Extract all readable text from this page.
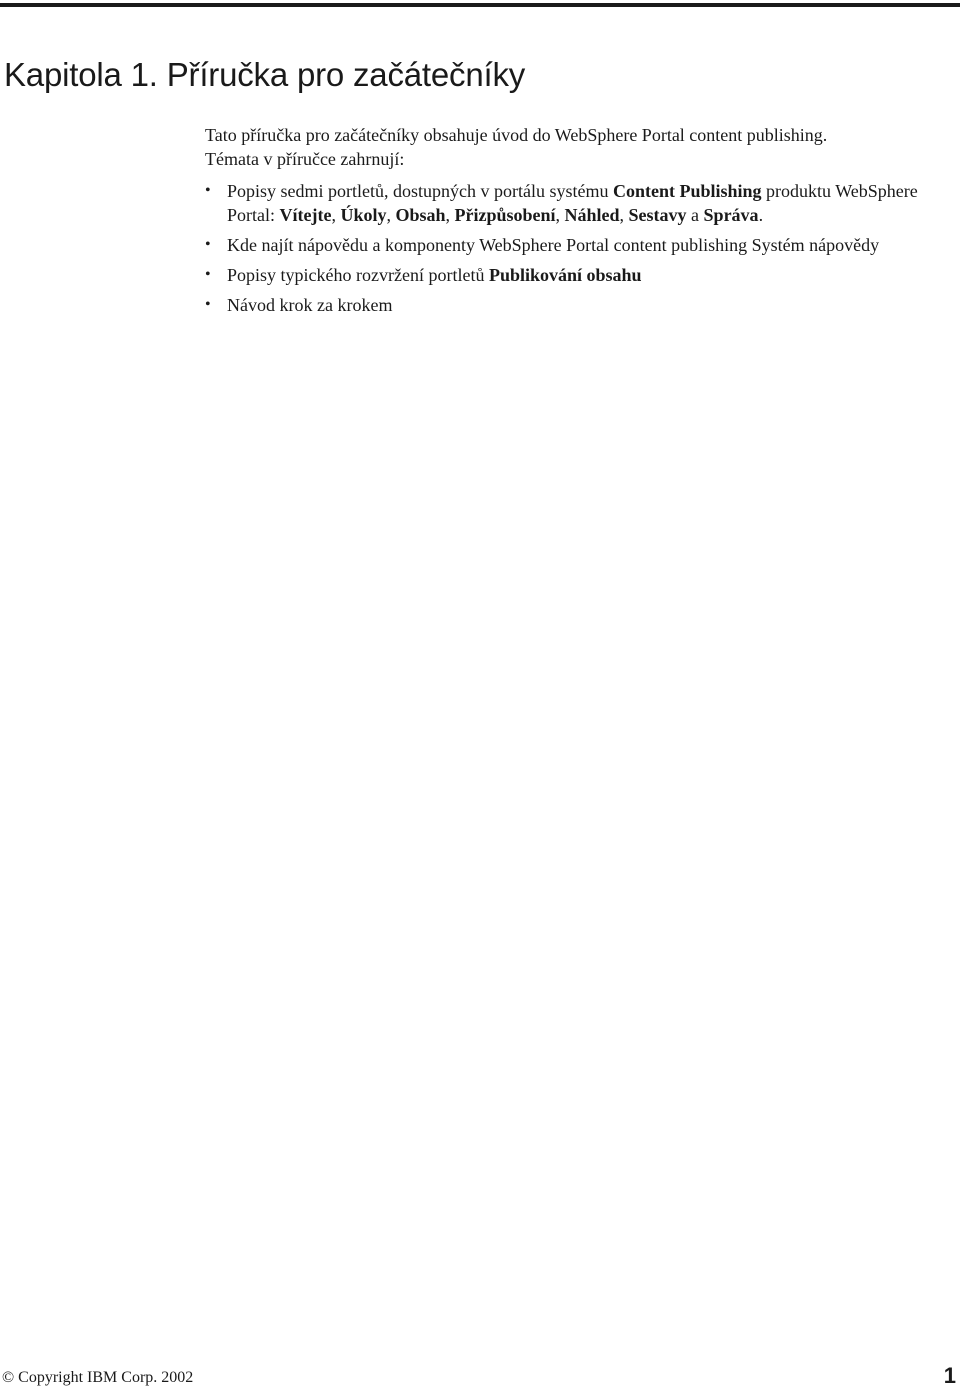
Kapitola 1. Příručka pro začátečníky

Tato příručka pro začátečníky obsahuje úvod do WebSphere Portal content publishing.
Témata v příručce zahrnují:

• Popisy sedmi portletů, dostupných v portálu systému Content Publishing produktu WebSphere Portal: Vítejte, Úkoly, Obsah, Přizpůsobení, Náhled, Sestavy a Správa.
• Kde najít nápovědu a komponenty WebSphere Portal content publishing Systém nápovědy
• Popisy typického rozvržení portletů Publikování obsahu
• Návod krok za krokem
© Copyright IBM Corp. 2002	1
